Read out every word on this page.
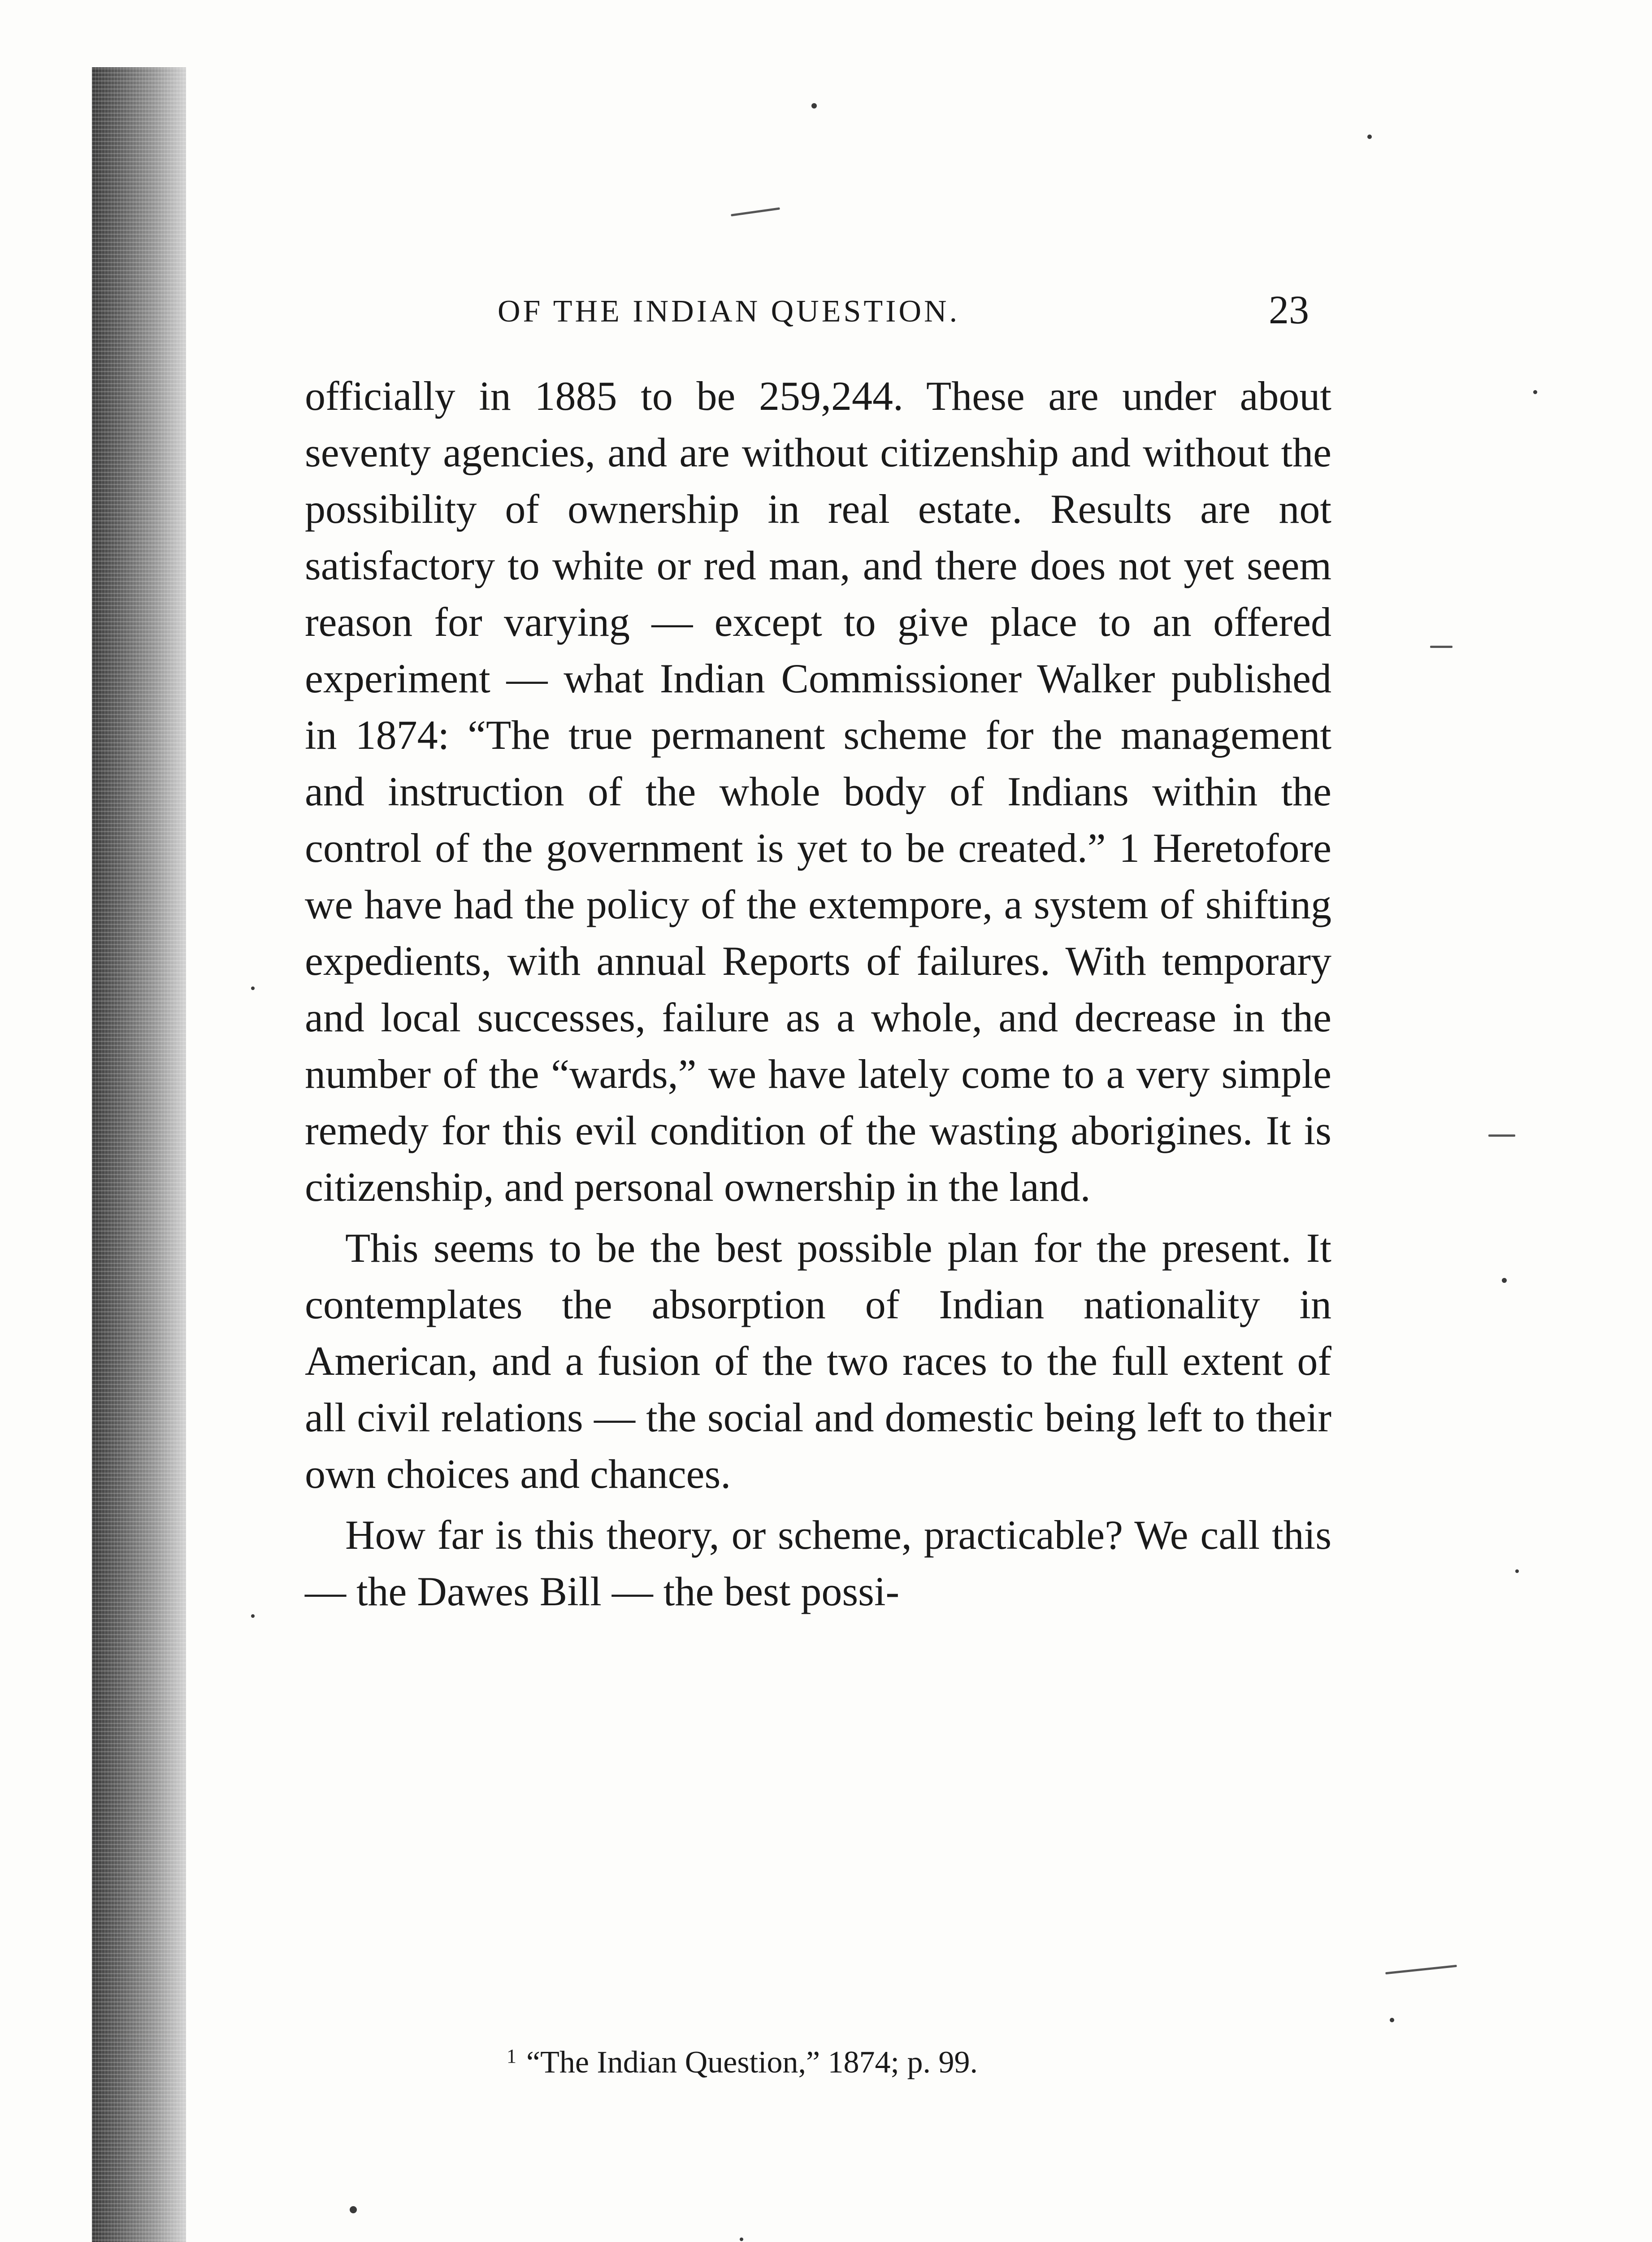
OF THE INDIAN QUESTION.	23

officially in 1885 to be 259,244. These are under about seventy agencies, and are without citizenship and without the possibility of ownership in real estate. Results are not satisfactory to white or red man, and there does not yet seem reason for varying — except to give place to an offered experiment — what Indian Commissioner Walker published in 1874: “The true permanent scheme for the management and instruction of the whole body of Indians within the control of the government is yet to be created.” 1 Heretofore we have had the policy of the extempore, a system of shifting expedients, with annual Reports of failures. With temporary and local successes, failure as a whole, and decrease in the number of the “wards,” we have lately come to a very simple remedy for this evil condition of the wasting aborigines. It is citizenship, and personal ownership in the land.

This seems to be the best possible plan for the present. It contemplates the absorption of Indian nationality in American, and a fusion of the two races to the full extent of all civil relations — the social and domestic being left to their own choices and chances.

How far is this theory, or scheme, practicable? We call this — the Dawes Bill — the best possi-

$^1$ “The Indian Question,” 1874; p. 99.
